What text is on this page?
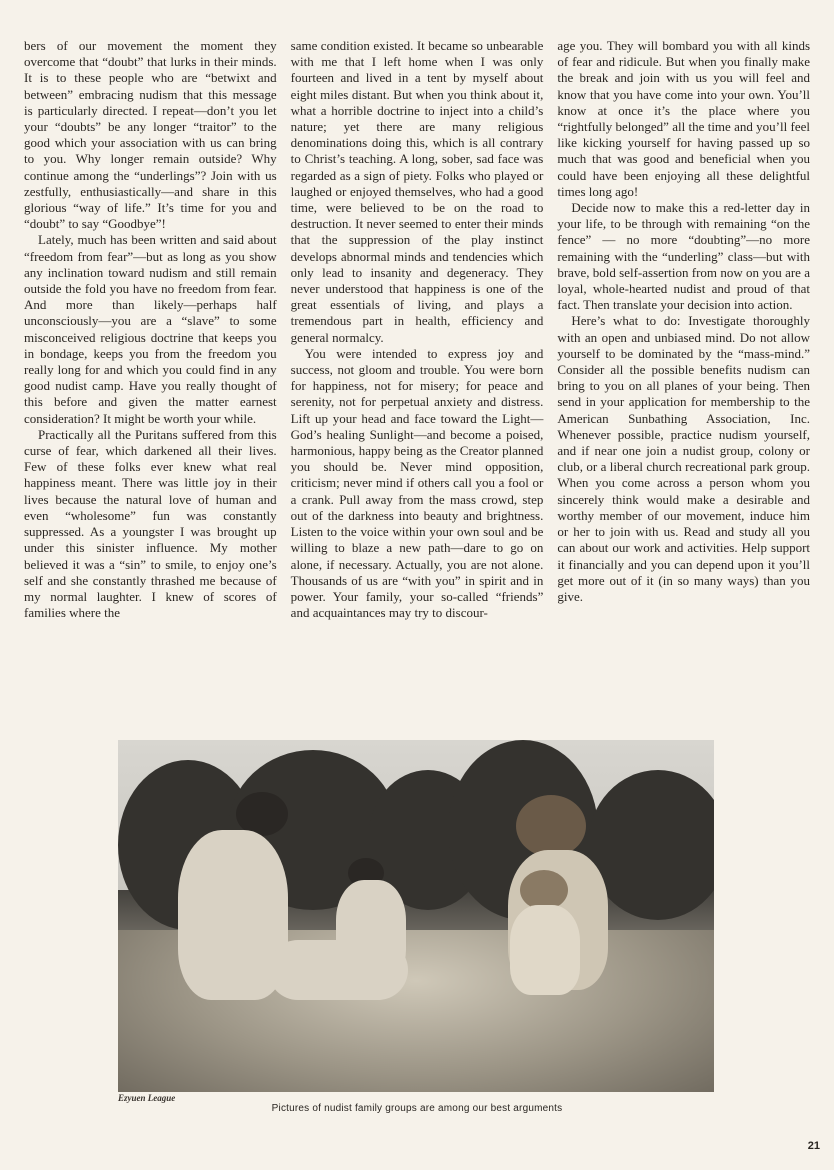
bers of our movement the moment they overcome that “doubt” that lurks in their minds. It is to these people who are “betwixt and between” embracing nudism that this message is particularly directed. I repeat—don’t you let your “doubts” be any longer “traitor” to the good which your association with us can bring to you. Why longer remain outside? Why continue among the “underlings”? Join with us zestfully, enthusiastically—and share in this glorious “way of life.” It’s time for you and “doubt” to say “Goodbye”!

Lately, much has been written and said about “freedom from fear”—but as long as you show any inclination toward nudism and still remain outside the fold you have no freedom from fear. And more than likely—perhaps half unconsciously—you are a “slave” to some misconceived religious doctrine that keeps you in bondage, keeps you from the freedom you really long for and which you could find in any good nudist camp. Have you really thought of this before and given the matter earnest consideration? It might be worth your while.

Practically all the Puritans suffered from this curse of fear, which darkened all their lives. Few of these folks ever knew what real happiness meant. There was little joy in their lives because the natural love of human and even “wholesome” fun was constantly suppressed. As a youngster I was brought up under this sinister influence. My mother believed it was a “sin” to smile, to enjoy one’s self and she constantly thrashed me because of my normal laughter. I knew of scores of families where the

same condition existed. It became so unbearable with me that I left home when I was only fourteen and lived in a tent by myself about eight miles distant. But when you think about it, what a horrible doctrine to inject into a child’s nature; yet there are many religious denominations doing this, which is all contrary to Christ’s teaching. A long, sober, sad face was regarded as a sign of piety. Folks who played or laughed or enjoyed themselves, who had a good time, were believed to be on the road to destruction. It never seemed to enter their minds that the suppression of the play instinct develops abnormal minds and tendencies which only lead to insanity and degeneracy. They never understood that happiness is one of the great essentials of living, and plays a tremendous part in health, efficiency and general normalcy.

You were intended to express joy and success, not gloom and trouble. You were born for happiness, not for misery; for peace and serenity, not for perpetual anxiety and distress. Lift up your head and face toward the Light—God’s healing Sunlight—and become a poised, harmonious, happy being as the Creator planned you should be. Never mind opposition, criticism; never mind if others call you a fool or a crank. Pull away from the mass crowd, step out of the darkness into beauty and brightness. Listen to the voice within your own soul and be willing to blaze a new path—dare to go on alone, if necessary. Actually, you are not alone. Thousands of us are “with you” in spirit and in power. Your family, your so-called “friends” and acquaintances may try to discour-

age you. They will bombard you with all kinds of fear and ridicule. But when you finally make the break and join with us you will feel and know that you have come into your own. You’ll know at once it’s the place where you “rightfully belonged” all the time and you’ll feel like kicking yourself for having passed up so much that was good and beneficial when you could have been enjoying all these delightful times long ago!

Decide now to make this a red-letter day in your life, to be through with remaining “on the fence” — no more “doubting”—no more remaining with the “underling” class—but with brave, bold self-assertion from now on you are a loyal, whole-hearted nudist and proud of that fact. Then translate your decision into action.

Here’s what to do: Investigate thoroughly with an open and unbiased mind. Do not allow yourself to be dominated by the “mass-mind.” Consider all the possible benefits nudism can bring to you on all planes of your being. Then send in your application for membership to the American Sunbathing Association, Inc. Whenever possible, practice nudism yourself, and if near one join a nudist group, colony or club, or a liberal church recreational park group. When you come across a person whom you sincerely think would make a desirable and worthy member of our movement, induce him or her to join with us. Read and study all you can about our work and activities. Help support it financially and you can depend upon it you’ll get more out of it (in so many ways) than you give.

Ezyuen League
Pictures of nudist family groups are among our best arguments
21
